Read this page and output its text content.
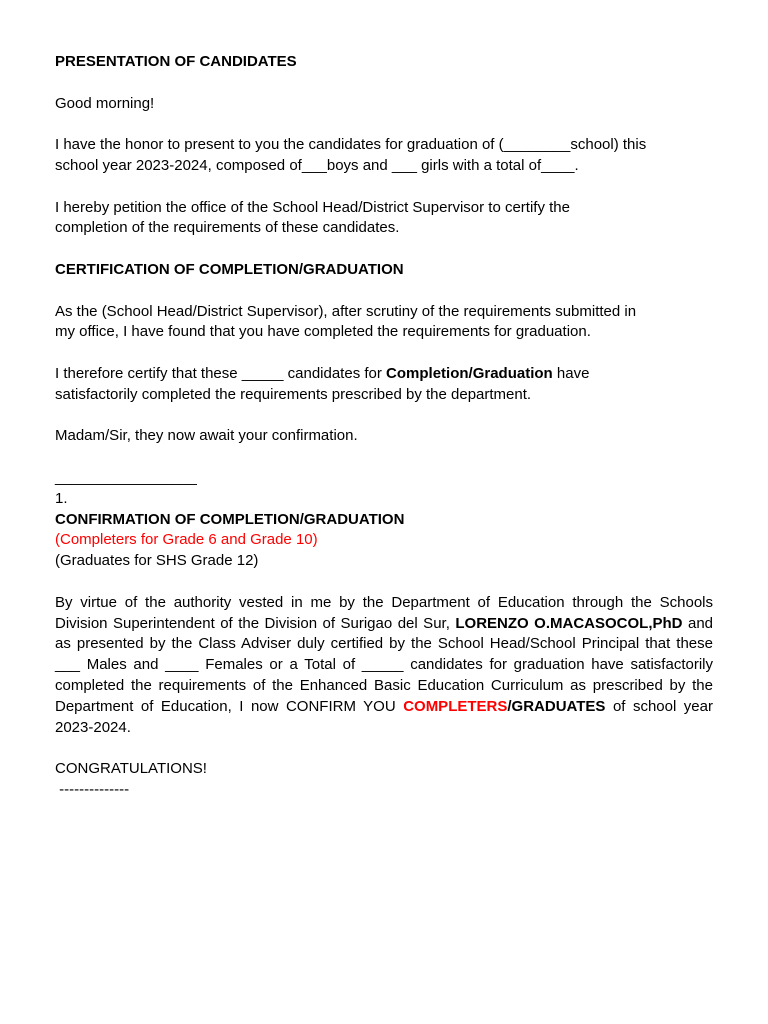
PRESENTATION OF CANDIDATES

Good morning!

I have the honor to present to you the candidates for graduation of (________school) this

school year 2023-2024, composed of___boys and ___ girls with a total of____.

I hereby petition the office of the School Head/District Supervisor to certify the

completion of the requirements of these candidates.

CERTIFICATION OF COMPLETION/GRADUATION

As the (School Head/District Supervisor), after scrutiny of the requirements submitted in

my office, I have found that you have completed the requirements for graduation.

I therefore certify that these _____ candidates for Completion/Graduation have

satisfactorily completed the requirements prescribed by the department.

Madam/Sir, they now await your confirmation.

_________________

1.

CONFIRMATION OF COMPLETION/GRADUATION

(Completers for Grade 6 and Grade 10)

(Graduates for SHS Grade 12)

By virtue of the authority vested in me by the Department of Education through the Schools Division Superintendent of the Division of Surigao del Sur, LORENZO O.MACASOCOL,PhD and as presented by the Class Adviser duly certified by the School Head/School Principal that these ___ Males and ____ Females or a Total of _____ candidates for graduation have satisfactorily completed the requirements of the Enhanced Basic Education Curriculum as prescribed by the Department of Education, I now CONFIRM YOU COMPLETERS/GRADUATES of school year 2023-2024.

CONGRATULATIONS!

--------------
